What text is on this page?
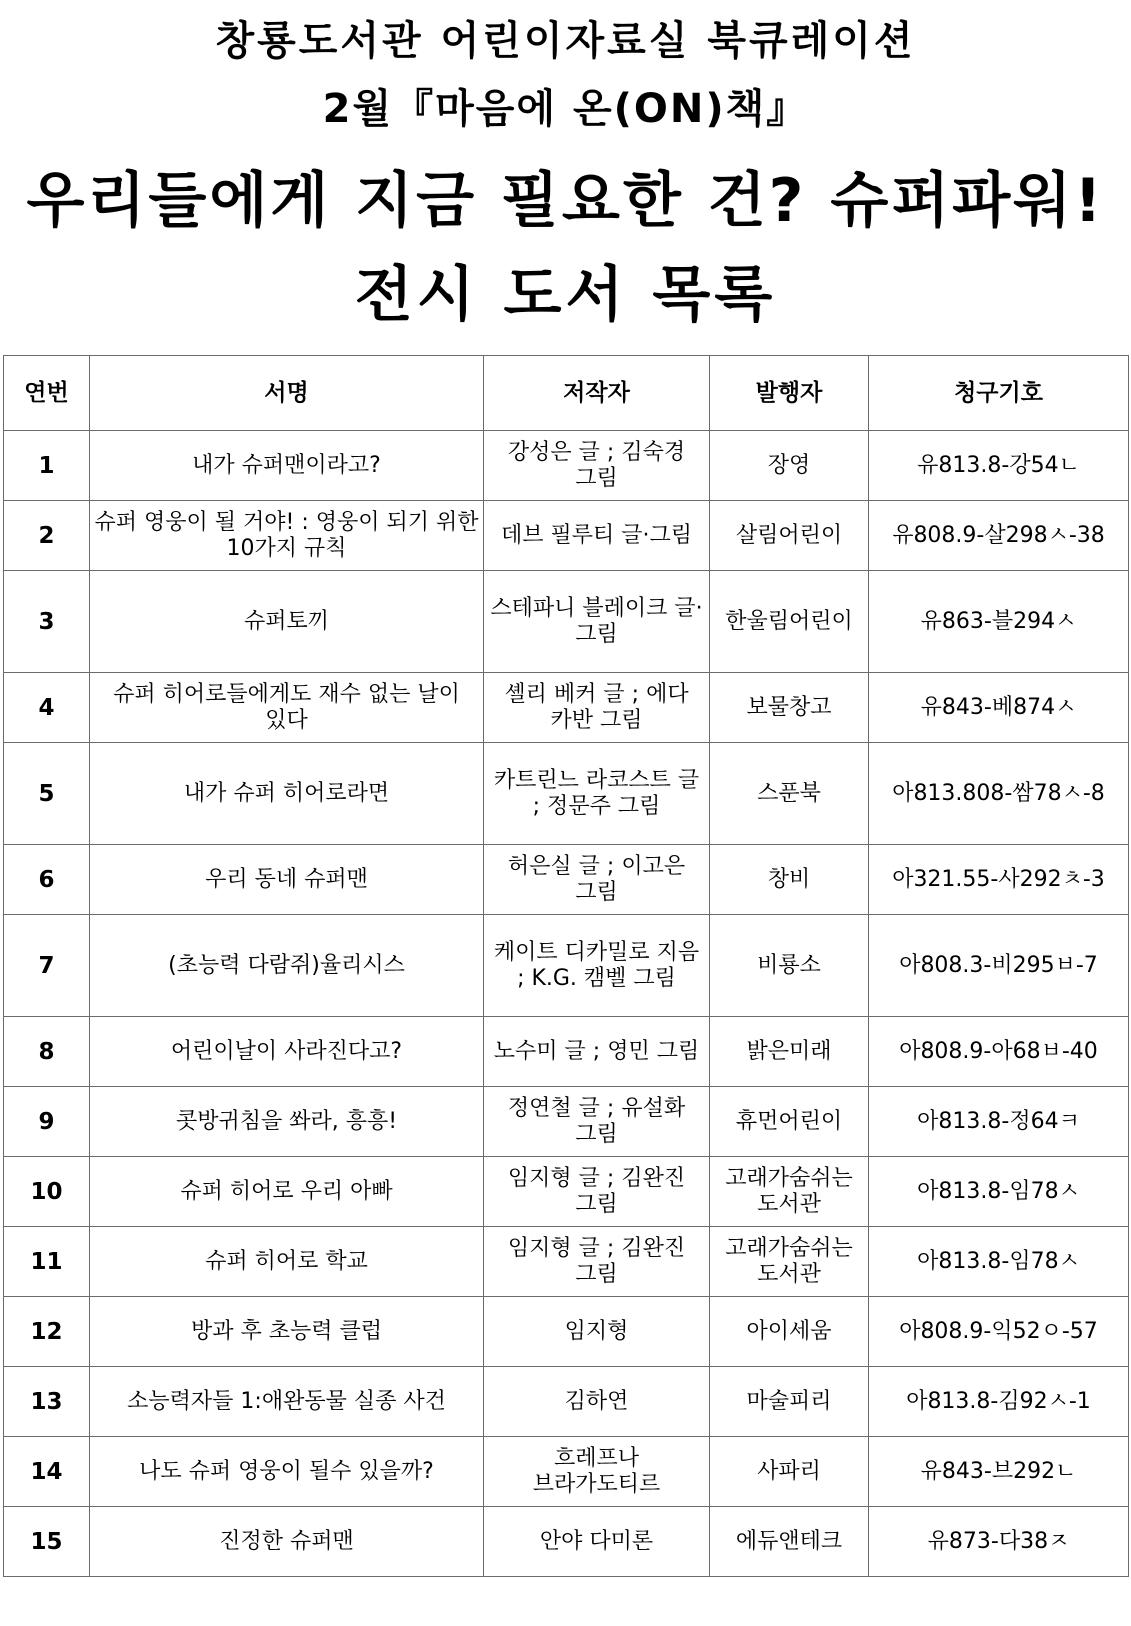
창룡도서관 어린이자료실 북큐레이션
2월『마음에 온(ON)책』
우리들에게 지금 필요한 건? 슈퍼파워!
전시 도서 목록
연번	서명	저작자	발행자	청구기호
1	내가 슈퍼맨이라고?	강성은 글 ; 김숙경 그림	장영	유813.8-강54ㄴ
2	슈퍼 영웅이 될 거야! : 영웅이 되기 위한 10가지 규칙	데브 필루티 글·그림	살림어린이	유808.9-살298ㅅ-38
3	슈퍼토끼	스테파니 블레이크 글·그림	한울림어린이	유863-블294ㅅ
4	슈퍼 히어로들에게도 재수 없는 날이 있다	셸리 베커 글 ; 에다 카반 그림	보물창고	유843-베874ㅅ
5	내가 슈퍼 히어로라면	카트린느 라코스트 글 ; 정문주 그림	스푼북	아813.808-쌈78ㅅ-8
6	우리 동네 슈퍼맨	허은실 글 ; 이고은 그림	창비	아321.55-사292ㅊ-3
7	(초능력 다람쥐)율리시스	케이트 디카밀로 지음 ; K.G. 캠벨 그림	비룡소	아808.3-비295ㅂ-7
8	어린이날이 사라진다고?	노수미 글 ; 영민 그림	밝은미래	아808.9-아68ㅂ-40
9	콧방귀침을 쏴라, 흥흥!	정연철 글 ; 유설화 그림	휴먼어린이	아813.8-정64ㅋ
10	슈퍼 히어로 우리 아빠	임지형 글 ; 김완진 그림	고래가숨쉬는 도서관	아813.8-임78ㅅ
11	슈퍼 히어로 학교	임지형 글 ; 김완진 그림	고래가숨쉬는 도서관	아813.8-임78ㅅ
12	방과 후 초능력 클럽	임지형	아이세움	아808.9-익52ㅇ-57
13	소능력자들 1:애완동물 실종 사건	김하연	마술피리	아813.8-김92ㅅ-1
14	나도 슈퍼 영웅이 될수 있을까?	흐레프나 브라가도티르	사파리	유843-브292ㄴ
15	진정한 슈퍼맨	안야 다미론	에듀앤테크	유873-다38ㅈ
